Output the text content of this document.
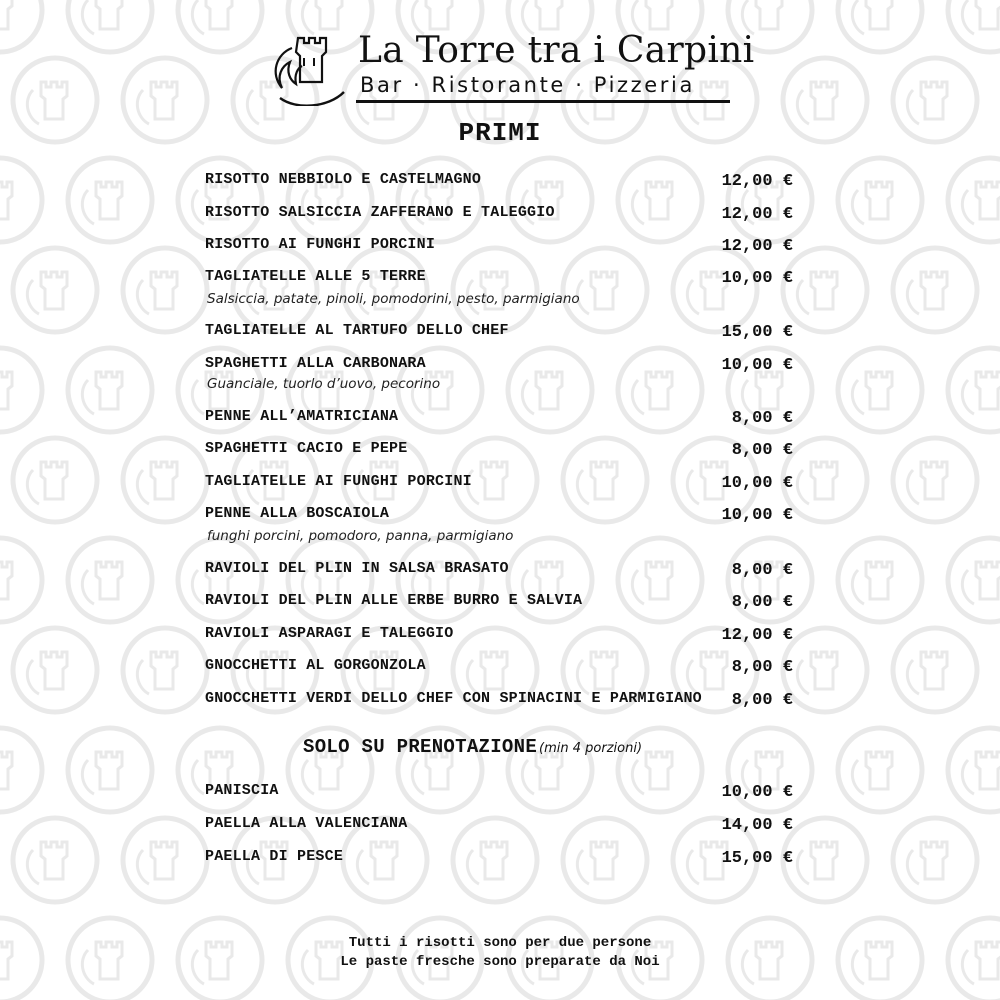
La Torre tra i Carpini
Bar · Ristorante · Pizzeria
PRIMI
RISOTTO NEBBIOLO E CASTELMAGNO	12,00 €
RISOTTO SALSICCIA ZAFFERANO E TALEGGIO	12,00 €
RISOTTO AI FUNGHI PORCINI	12,00 €
TAGLIATELLE ALLE 5 TERRE	10,00 €
Salsiccia, patate, pinoli, pomodorini, pesto, parmigiano
TAGLIATELLE AL TARTUFO DELLO CHEF	15,00 €
SPAGHETTI ALLA CARBONARA	10,00 €
Guanciale, tuorlo d’uovo, pecorino
PENNE ALL’AMATRICIANA	8,00 €
SPAGHETTI CACIO E PEPE	8,00 €
TAGLIATELLE AI FUNGHI PORCINI	10,00 €
PENNE ALLA BOSCAIOLA	10,00 €
funghi porcini, pomodoro, panna, parmigiano
RAVIOLI DEL PLIN IN SALSA BRASATO	8,00 €
RAVIOLI DEL PLIN ALLE ERBE BURRO E SALVIA	8,00 €
RAVIOLI ASPARAGI E TALEGGIO	12,00 €
GNOCCHETTI AL GORGONZOLA	8,00 €
GNOCCHETTI VERDI DELLO CHEF CON SPINACINI E PARMIGIANO 8,00 €
SOLO SU PRENOTAZIONE (min 4 porzioni)
PANISCIA	10,00 €
PAELLA ALLA VALENCIANA	14,00 €
PAELLA DI PESCE	15,00 €
Tutti i risotti sono per due persone
Le paste fresche sono preparate da Noi
